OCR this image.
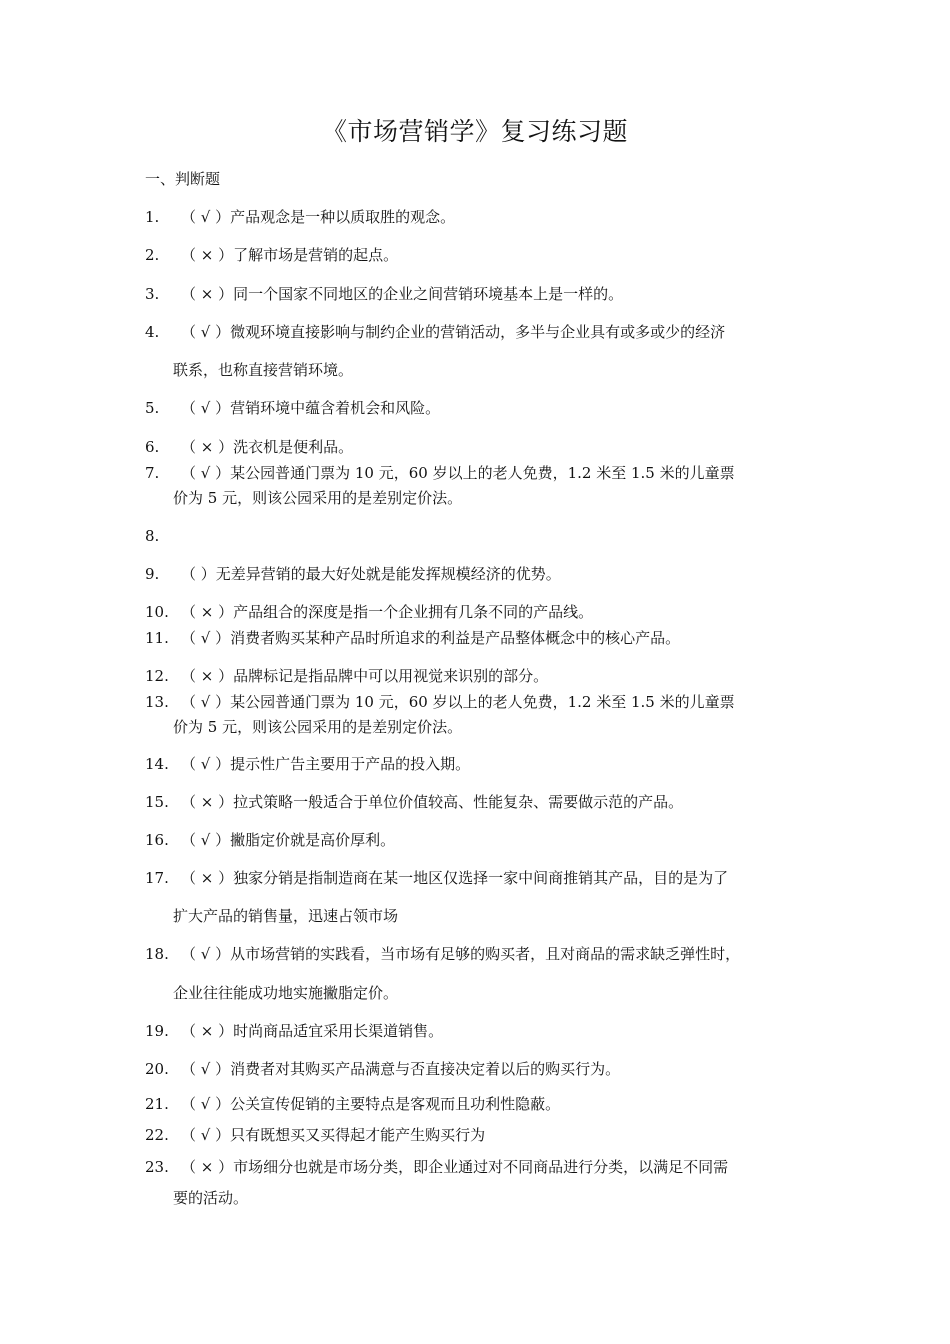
《市场营销学》复习练习题
一、判断题
1.	（ √ ）产品观念是一种以质取胜的观念。
2.	（ × ）了解市场是营销的起点。
3.	（ × ）同一个国家不同地区的企业之间营销环境基本上是一样的。
4.	（ √ ）微观环境直接影响与制约企业的营销活动，多半与企业具有或多或少的经济
联系，也称直接营销环境。
5.	（ √ ）营销环境中蕴含着机会和风险。
6.	（ × ）洗衣机是便利品。
7.	（ √ ）某公园普通门票为 10 元，60 岁以上的老人免费，1.2 米至 1.5 米的儿童票
价为 5 元，则该公园采用的是差别定价法。
8.
9.	（ ）无差异营销的最大好处就是能发挥规模经济的优势。
10. （ × ）产品组合的深度是指一个企业拥有几条不同的产品线。
11. （ √ ）消费者购买某种产品时所追求的利益是产品整体概念中的核心产品。
12. （ × ）品牌标记是指品牌中可以用视觉来识别的部分。
13. （ √ ）某公园普通门票为 10 元，60 岁以上的老人免费，1.2 米至 1.5 米的儿童票
价为 5 元，则该公园采用的是差别定价法。
14. （ √ ）提示性广告主要用于产品的投入期。
15. （ × ）拉式策略一般适合于单位价值较高、性能复杂、需要做示范的产品。
16. （ √ ）撇脂定价就是高价厚利。
17. （ × ）独家分销是指制造商在某一地区仅选择一家中间商推销其产品，目的是为了
扩大产品的销售量，迅速占领市场
18. （ √ ）从市场营销的实践看，当市场有足够的购买者，且对商品的需求缺乏弹性时，
企业往往能成功地实施撇脂定价。
19. （ × ）时尚商品适宜采用长渠道销售。
20. （ √ ）消费者对其购买产品满意与否直接决定着以后的购买行为。
21. （ √ ）公关宣传促销的主要特点是客观而且功利性隐蔽。
22. （ √ ）只有既想买又买得起才能产生购买行为
23. （ × ）市场细分也就是市场分类，即企业通过对不同商品进行分类，以满足不同需
要的活动。
